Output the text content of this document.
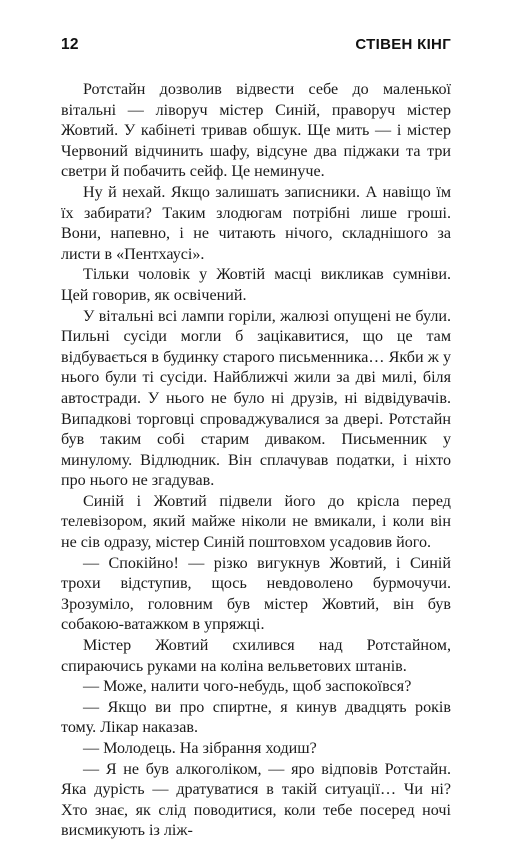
12	СТІВЕН КІНГ

Ротстайн дозволив відвести себе до маленької вітальні — ліворуч містер Синій, праворуч містер Жовтий. У кабінеті тривав обшук. Ще мить — і містер Червоний відчинить шафу, відсуне два піджаки та три светри й побачить сейф. Це неминуче.

Ну й нехай. Якщо залишать записники. А навіщо їм їх забирати? Таким злодюгам потрібні лише гроші. Вони, напевно, і не читають нічого, складнішого за листи в «Пентхаусі».

Тільки чоловік у Жовтій масці викликав сумніви. Цей говорив, як освічений.

У вітальні всі лампи горіли, жалюзі опущені не були. Пильні сусіди могли б зацікавитися, що це там відбувається в будинку старого письменника… Якби ж у нього були ті сусіди. Найближчі жили за дві милі, біля автостради. У нього не було ні друзів, ні відвідувачів. Випадкові торговці спроваджувалися за двері. Ротстайн був таким собі старим диваком. Письменник у минулому. Відлюдник. Він сплачував податки, і ніхто про нього не згадував.

Синій і Жовтий підвели його до крісла перед телевізором, який майже ніколи не вмикали, і коли він не сів одразу, містер Синій поштовхом усадовив його.

— Спокійно! — різко вигукнув Жовтий, і Синій трохи відступив, щось невдоволено бурмочучи. Зрозуміло, головним був містер Жовтий, він був собакою-ватажком в упряжці.

Містер Жовтий схилився над Ротстайном, спираючись руками на коліна вельветових штанів.

— Може, налити чого-небудь, щоб заспокоївся?

— Якщо ви про спиртне, я кинув двадцять років тому. Лікар наказав.

— Молодець. На зібрання ходиш?

— Я не був алкоголіком, — яро відповів Ротстайн. Яка дурість — дратуватися в такій ситуації… Чи ні? Хто знає, як слід поводитися, коли тебе посеред ночі висмикують із ліж-
